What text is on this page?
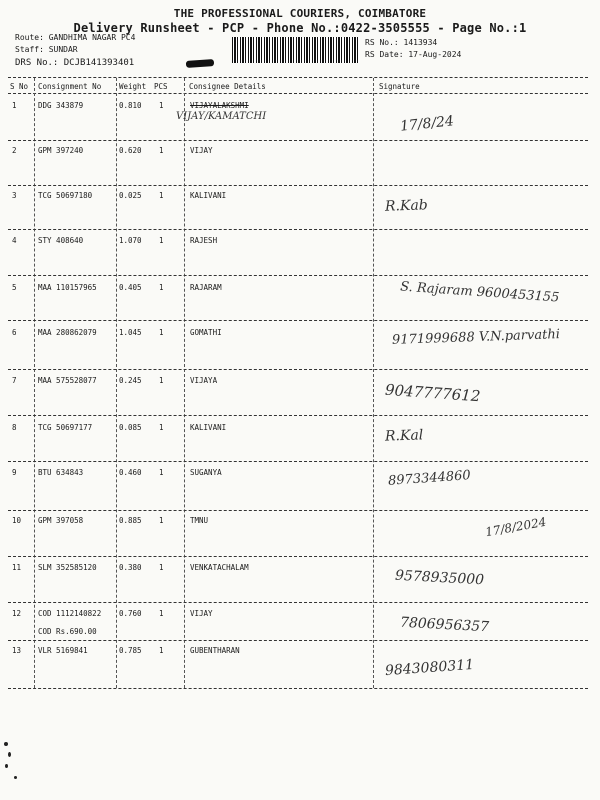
THE PROFESSIONAL COURIERS, COIMBATORE
Delivery Runsheet - PCP - Phone No.:0422-3505555 - Page No.:1
Route: GANDHIMA NAGAR PC4
Staff: SUNDAR
DRS No.: DCJB141393401
RS No.: 1413934
RS Date: 17-Aug-2024
S No Consignment No Weight PCS	Consignee Details	Signature
1	DDG 343879	0.810 1	VIJAYALAKSHMI
VIJAY/KAMATCHI	17/8/24
2	GPM 397240	0.620 1	VIJAY
3	TCG 50697180	0.025 1	KALIVANI
R.Kab
4	STY 408640	1.070 1	RAJESH
5	MAA 110157965	0.405 1	RAJARAM	S. Rajaram 9600453155
6	MAA 280862079	1.045 1	GOMATHI	9171999688 V.N.parvathi
7	MAA 575528077	0.245 1	VIJAYA
9047777612
8	TCG 50697177	0.085 1	KALIVANI	R.Kal
9	BTU 634843	0.460 1	SUGANYA	8973344860
10 GPM 397058	0.885 1	TMNU	17/8/2024
11 SLM 352585120	0.380 1	VENKATACHALAM
9578935000
12 COD 1112140822 0.760 1	VIJAY
COD Rs.690.00	7806956357
13 VLR 5169841	0.785 1	GUBENTHARAN
9843080311
